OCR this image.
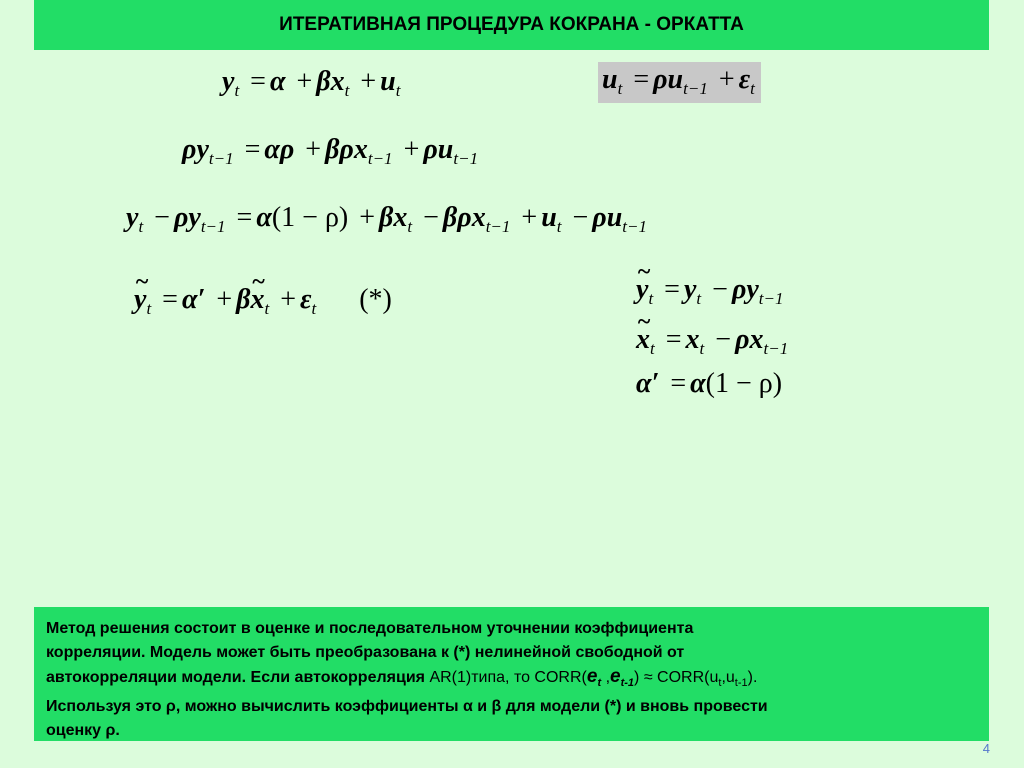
ИТЕРАТИВНАЯ ПРОЦЕДУРА КОКРАНА - ОРКАТТА
$y_t = \alpha + \beta x_t + u_t$	$u_t = \rho u_{t-1} + \varepsilon_t$
$\rho y_{t-1} = \alpha\rho + \beta\rho x_{t-1} + \rho u_{t-1}$
$y_t - \rho y_{t-1} = \alpha(1 - \rho) + \beta x_t - \beta\rho x_{t-1} + u_t - \rho u_{t-1}$
~ $y_t = \alpha'$ + β~ $x_t + \varepsilon_t$ (*)
~	$y_t = y_t - \rho y_{t-1}$
~ $x_t = x_t - \rho x_{t-1}$
α′ = α(1 − ρ)
Метод решения состоит в оценке и последовательном уточнении коэффициента
корреляции. Модель может быть преобразована к (*) нелинейной свободной от
автокорреляции модели. Если автокорреляция AR(1)типа, то $CORR(e_t$ $,e_{t-1}$) ≈ $CORR(u_t,u_{t-1})$.
Используя это ρ, можно вычислить коэффициенты α и β для модели (*) и вновь провести
оценку ρ.
4
